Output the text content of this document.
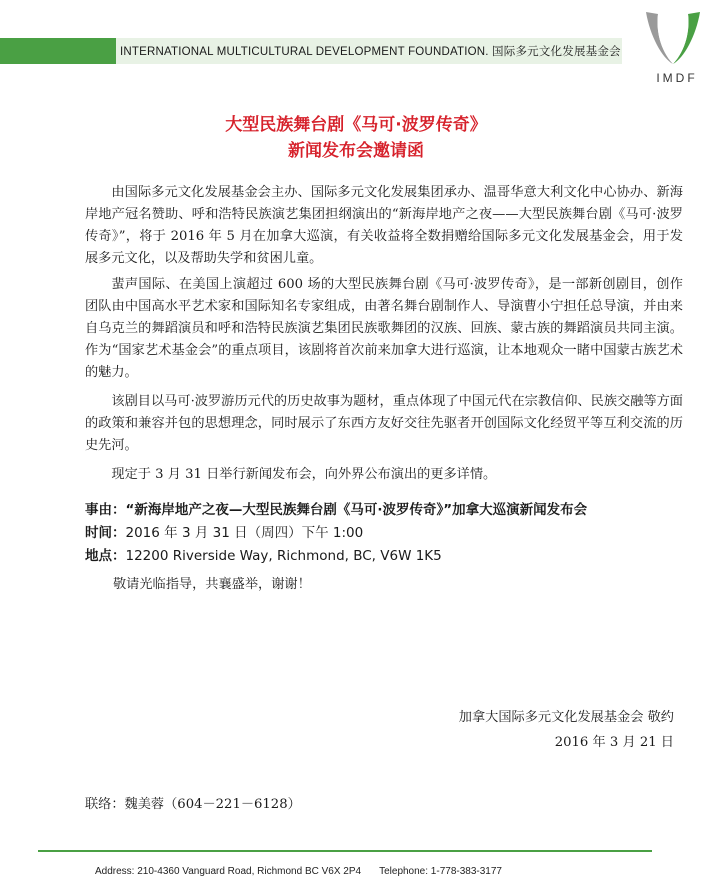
INTERNATIONAL MULTICULTURAL DEVELOPMENT FOUNDATION. 国际多元文化发展基金会
IMDF
大型民族舞台剧《马可·波罗传奇》
新闻发布会邀请函

由国际多元文化发展基金会主办、国际多元文化发展集团承办、温哥华意大利文化中心协办、新海岸地产冠名赞助、呼和浩特民族演艺集团担纲演出的“新海岸地产之夜——大型民族舞台剧《马可·波罗传奇》”，将于 2016 年 5 月在加拿大巡演，有关收益将全数捐赠给国际多元文化发展基金会，用于发展多元文化，以及帮助失学和贫困儿童。

蜚声国际、在美国上演超过 600 场的大型民族舞台剧《马可·波罗传奇》，是一部新创剧目，创作团队由中国高水平艺术家和国际知名专家组成，由著名舞台剧制作人、导演曹小宁担任总导演，并由来自乌克兰的舞蹈演员和呼和浩特民族演艺集团民族歌舞团的汉族、回族、蒙古族的舞蹈演员共同主演。作为“国家艺术基金会”的重点项目，该剧将首次前来加拿大进行巡演，让本地观众一睹中国蒙古族艺术的魅力。

该剧目以马可·波罗游历元代的历史故事为题材，重点体现了中国元代在宗教信仰、民族交融等方面的政策和兼容并包的思想理念，同时展示了东西方友好交往先驱者开创国际文化经贸平等互利交流的历史先河。

现定于 3 月 31 日举行新闻发布会，向外界公布演出的更多详情。

事由：“新海岸地产之夜—大型民族舞台剧《马可·波罗传奇》”加拿大巡演新闻发布会
时间：2016 年 3 月 31 日（周四）下午 1:00
地点：12200 Riverside Way, Richmond, BC, V6W 1K5
敬请光临指导，共襄盛举，谢谢！
加拿大国际多元文化发展基金会 敬约
2016 年 3 月 21 日
联络：魏美蓉（604－221－6128）
Address: 210-4360 Vanguard Road, Richmond BC V6X 2P4 Telephone: 1-778-383-3177
